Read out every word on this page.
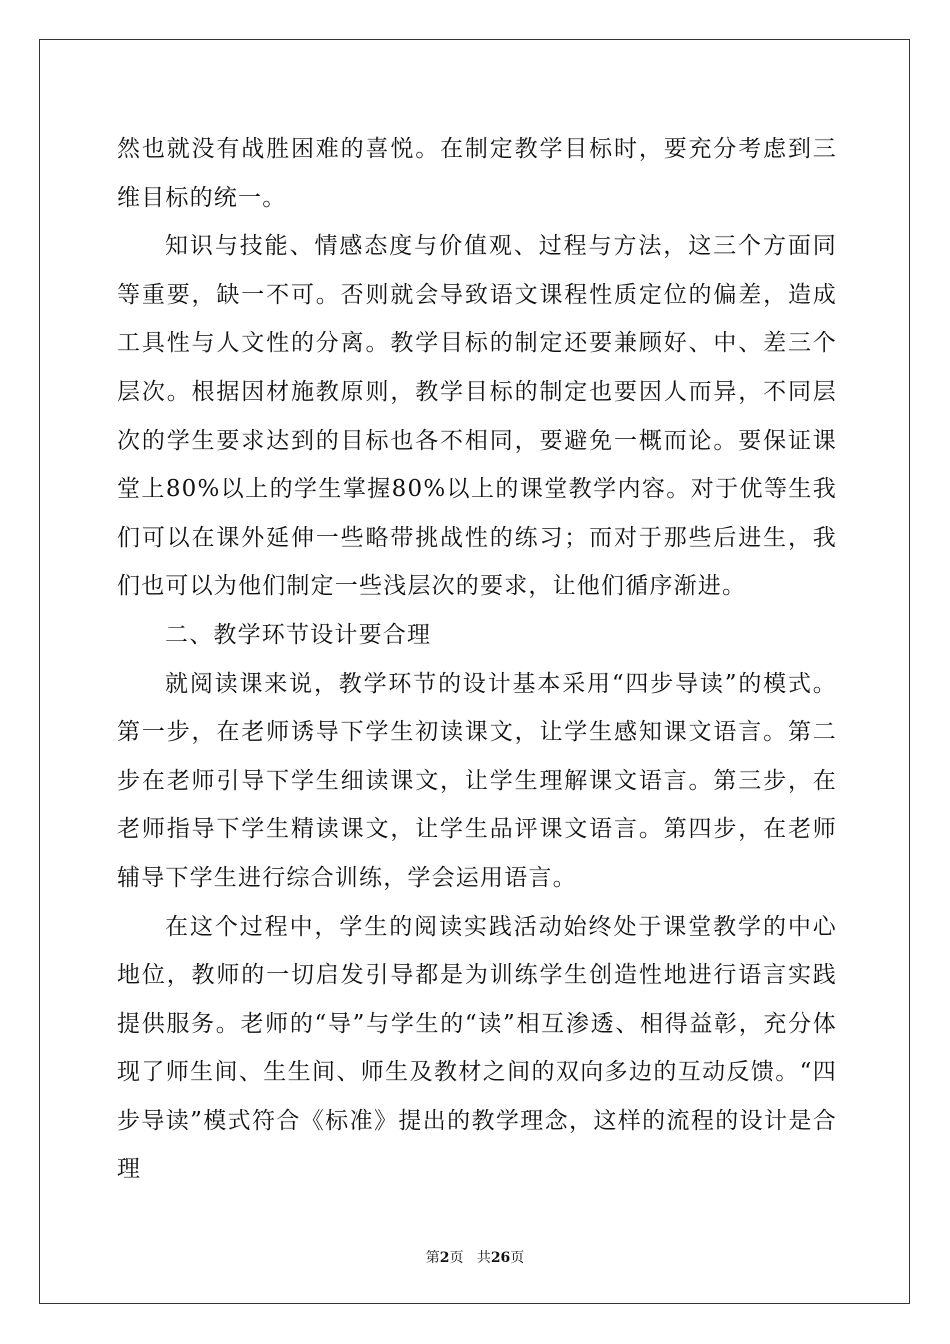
然也就没有战胜困难的喜悦。在制定教学目标时，要充分考虑到三维目标的统一。

知识与技能、情感态度与价值观、过程与方法，这三个方面同等重要，缺一不可。否则就会导致语文课程性质定位的偏差，造成工具性与人文性的分离。教学目标的制定还要兼顾好、中、差三个层次。根据因材施教原则，教学目标的制定也要因人而异，不同层次的学生要求达到的目标也各不相同，要避免一概而论。要保证课堂上80%以上的学生掌握80%以上的课堂教学内容。对于优等生我们可以在课外延伸一些略带挑战性的练习；而对于那些后进生，我们也可以为他们制定一些浅层次的要求，让他们循序渐进。

二、教学环节设计要合理

就阅读课来说，教学环节的设计基本采用“四步导读”的模式。第一步，在老师诱导下学生初读课文，让学生感知课文语言。第二步在老师引导下学生细读课文，让学生理解课文语言。第三步，在老师指导下学生精读课文，让学生品评课文语言。第四步，在老师辅导下学生进行综合训练，学会运用语言。

在这个过程中，学生的阅读实践活动始终处于课堂教学的中心地位，教师的一切启发引导都是为训练学生创造性地进行语言实践提供服务。老师的“导”与学生的“读”相互渗透、相得益彰，充分体现了师生间、生生间、师生及教材之间的双向多边的互动反馈。“四步导读”模式符合《标准》提出的教学理念，这样的流程的设计是合理

第2页 共26页
